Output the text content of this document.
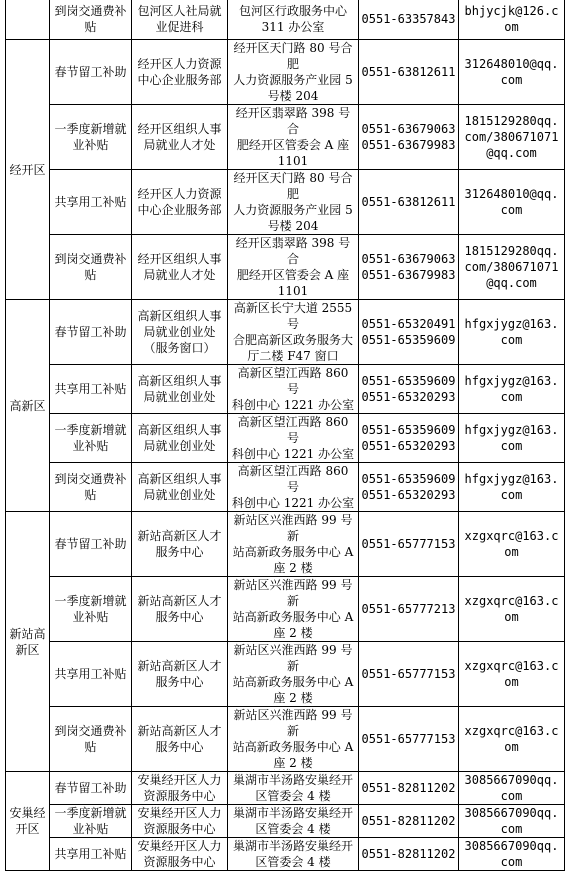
	到岗交通费补贴	包河区人社局就业促进科	包河区行政服务中心
311 办公室	0551-63357843	bhjycjk@126.com
经开区	春节留工补助	经开区人力资源中心企业服务部	经开区天门路 80 号合肥
人力资源服务产业园 5
号楼 204	0551-63812611	312648010@qq.com
	一季度新增就业补贴	经开区组织人事局就业人才处	经开区翡翠路 398 号合
肥经开区管委会 A 座
1101	0551-63679063
0551-63679983	1815129280qq.com/380671071@qq.com
	共享用工补贴	经开区人力资源中心企业服务部	经开区天门路 80 号合肥
人力资源服务产业园 5
号楼 204	0551-63812611	312648010@qq.com
	到岗交通费补贴	经开区组织人事局就业人才处	经开区翡翠路 398 号合
肥经开区管委会 A 座
1101	0551-63679063
0551-63679983	1815129280qq.com/380671071@qq.com
高新区	春节留工补助	高新区组织人事局就业创业处（服务窗口）	高新区长宁大道 2555 号
合肥高新区政务服务大
厅二楼 F47 窗口	0551-65320491
0551-65359609	hfgxjygz@163.com
	共享用工补贴	高新区组织人事局就业创业处	高新区望江西路 860 号
科创中心 1221 办公室	0551-65359609
0551-65320293	hfgxjygz@163.com
	一季度新增就业补贴	高新区组织人事局就业创业处	高新区望江西路 860 号
科创中心 1221 办公室	0551-65359609
0551-65320293	hfgxjygz@163.com
	到岗交通费补贴	高新区组织人事局就业创业处	高新区望江西路 860 号
科创中心 1221 办公室	0551-65359609
0551-65320293	hfgxjygz@163.com
新站高新区	春节留工补助	新站高新区人才服务中心	新站区兴淮西路 99 号新
站高新政务服务中心 A
座 2 楼	0551-65777153	xzgxqrc@163.com
	一季度新增就业补贴	新站高新区人才服务中心	新站区兴淮西路 99 号新
站高新政务服务中心 A
座 2 楼	0551-65777213	xzgxqrc@163.com
	共享用工补贴	新站高新区人才服务中心	新站区兴淮西路 99 号新
站高新政务服务中心 A
座 2 楼	0551-65777153	xzgxqrc@163.com
	到岗交通费补贴	新站高新区人才服务中心	新站区兴淮西路 99 号新
站高新政务服务中心 A
座 2 楼	0551-65777153	xzgxqrc@163.com
安巢经开区	春节留工补助	安巢经开区人力资源服务中心	巢湖市半汤路安巢经开
区管委会 4 楼	0551-82811202	3085667090qq.com
	一季度新增就业补贴	安巢经开区人力资源服务中心	巢湖市半汤路安巢经开
区管委会 4 楼	0551-82811202	3085667090qq.com
	共享用工补贴	安巢经开区人力资源服务中心	巢湖市半汤路安巢经开
区管委会 4 楼	0551-82811202	3085667090qq.com
